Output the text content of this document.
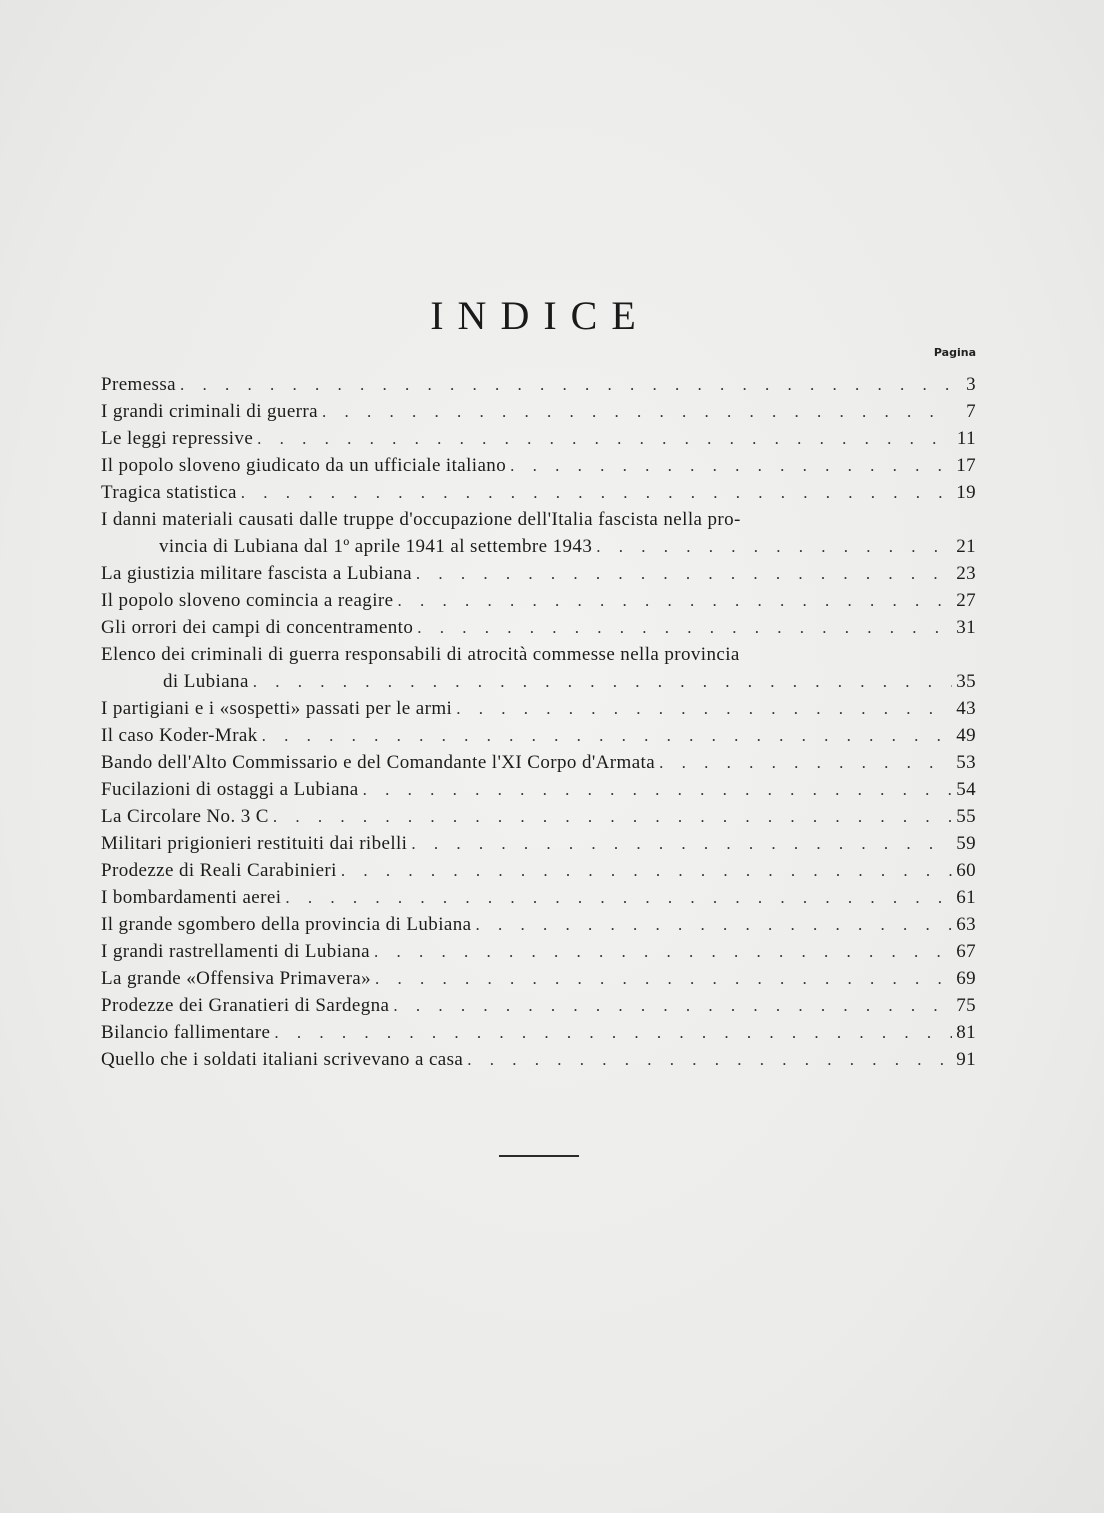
INDICE
Pagina
Premessa . . .	3
I grandi criminali di guerra . . .	7
Le leggi repressive . . .	11
Il popolo sloveno giudicato da un ufficiale italiano . . .	17
Tragica statistica . . .	19
I danni materiali causati dalle truppe d'occupazione dell'Italia fascista nella pro-
vincia di Lubiana dal 1º aprile 1941 al settembre 1943 . . .	21
La giustizia militare fascista a Lubiana . . .	23
Il popolo sloveno comincia a reagire . . .	27
Gli orrori dei campi di concentramento . . .	31
Elenco dei criminali di guerra responsabili di atrocità commesse nella provincia
di Lubiana . . .	35
I partigiani e i «sospetti» passati per le armi . . .	43
Il caso Koder-Mrak . . .	49
Bando dell'Alto Commissario e del Comandante l'XI Corpo d'Armata . . .	53
Fucilazioni di ostaggi a Lubiana . . .	54
La Circolare No. 3 C . . .	55
Militari prigionieri restituiti dai ribelli . . .	59
Prodezze di Reali Carabinieri . . .	60
I bombardamenti aerei . . .	61
Il grande sgombero della provincia di Lubiana . . .	63
I grandi rastrellamenti di Lubiana . . .	67
La grande «Offensiva Primavera» . . .	69
Prodezze dei Granatieri di Sardegna . . .	75
Bilancio fallimentare . . .	81
Quello che i soldati italiani scrivevano a casa . . .	91
